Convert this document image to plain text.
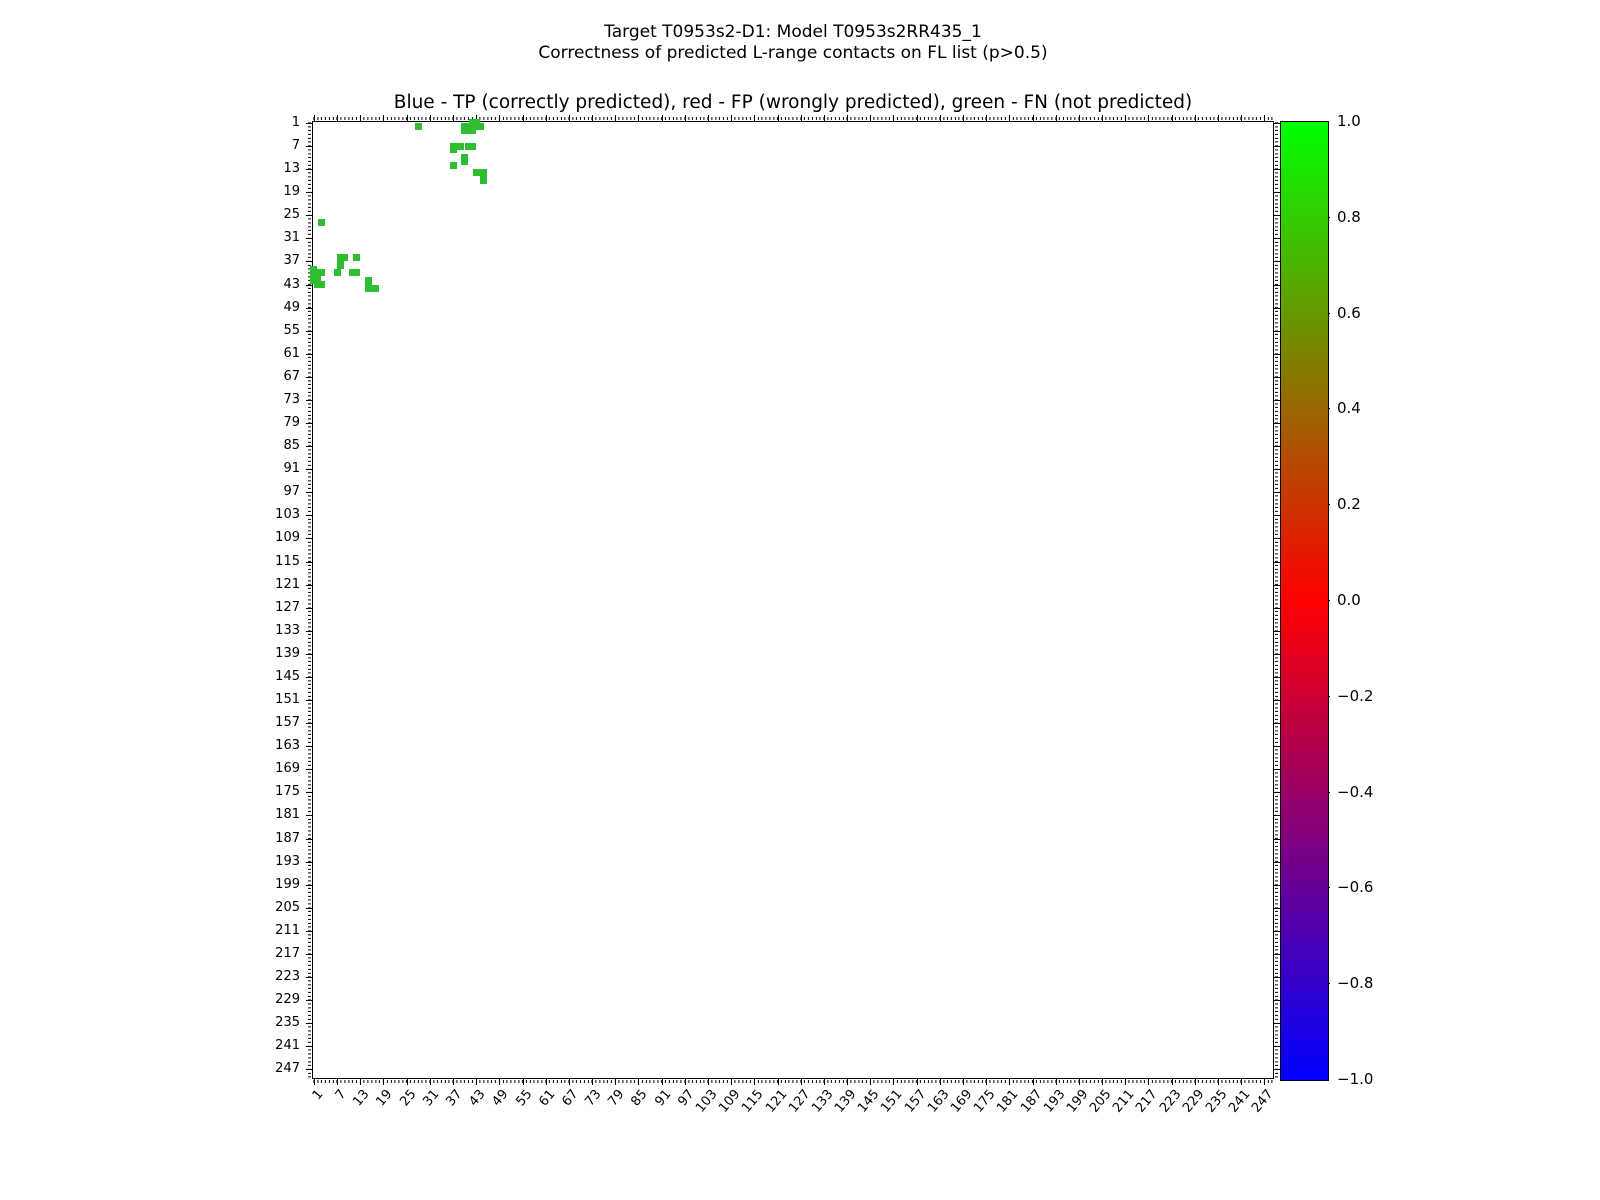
Target T0953s2-D1: Model T0953s2RR435_1
Correctness of predicted L-range contacts on FL list (p>0.5)
Blue - TP (correctly predicted), red - FP (wrongly predicted), green - FN (not predicted)
1
1
7
7
13
13
19
19
25
25
31
31
37
37
43
43
49
49
55
55
61
61
67
67
73
73
79
79
85
85
91
91
97
97
103
103
109
109
115
115
121
121
127
127
133
133
139
139
145
145
151
151
157
157
163
163
169
169
175
175
181
181
187
187
193
193
199
199
205
205
211
211
217
217
223
223
229
229
235
235
241
241
247
247
1.0
0.8
0.6
0.4
0.2
0.0
−0.2
−0.4
−0.6
−0.8
−1.0
